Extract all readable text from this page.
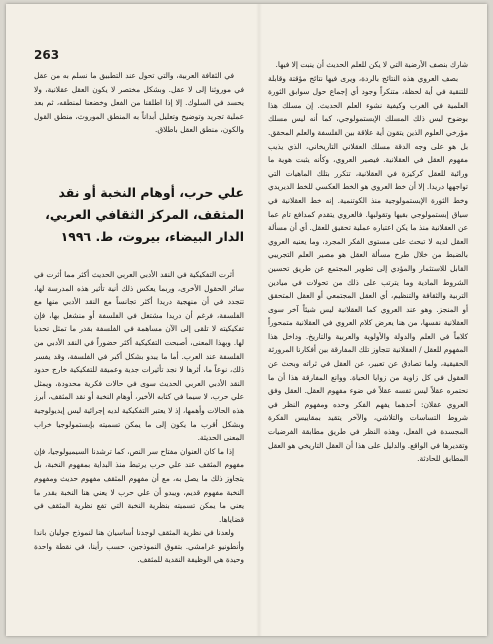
263

في الثقافة العربية، والتي تحول عند التطبيق ما نسلم به من عقل في موروثنا إلى لا عقل. وبشكل مختصر لا يكون العقل عقلانية، ولا يحسد في السلوك. إلا إذا اطلقنا من الفعل وخضعنا لمنطقه، ثم بعد عملية تجريد وتوضيح وتعليل أبداناً به المنطق الموروث، منطق القول والكون، منطق العقل باطلاق.

علي حرب، أوهام النخبة أو نقد المثقف، المركز الثقافي العربي، الدار البيضاء، بيروت، ط. ١٩٩٦

أثرت التفكيكية في النقد الأدبي العربي الحديث أكثر مما أثرت في سائر الحقول الأخرى، وربما يعكس ذلك أنية تأثير هذه المدرسة لها، تتجدد في أن منهجية دريدا أكثر تجانساً مع النقد الأدبي منها مع الفلسفة، فرغم أن دريدا مشتغل في الفلسفة أو منشغل بها، فإن تفكيكيته لا تلقى إلى الآن مساهمة في الفلسفة بقدر ما تمثل تحديا لها. وبهذا المعنى، أصبحت التفكيكية أكثر حضوراً في النقد الأدبي من الفلسفة عند العرب. أما ما يبدو بشكل أكبر في الفلسفة، وقد يفسر ذلك، نوعاً ما، أثرها لا نجد تأثيرات جدية وعميقة للتفكيكية خارج حدود النقد الأدبي العربي الحديث سوى في حالات فكرية محدودة، ويمثل علي حرب، لا سيما في كتابه الأخير، أوهام النخبة أو نقد المثقف، أبرز هذه الحالات وأهمها، إذ لا يعتبر التفكيكية لديه إجرائية ليس إيديولوجية وبشكل أقرب ما يكون إلى ما يمكن تسميته بإبستمولوجيا خراب المعنى الحديثة.

إذا ما كان العنوان مفتاح سر النص، كما ترشدنا السيميولوجيا، فإن مفهوم المثقف عند علي حرب يرتبط منذ البداية بمفهوم النخبة، بل يتجاوز ذلك ما يصل به، مع أن مفهوم المثقف مفهوم حديث ومفهوم النخبة مفهوم قديم، ويبدو أن علي حرب لا يعني هنا النخبة بقدر ما يعني ما يمكن تسميته بنظرية النخبة التي تفع نظرية المثقف في قضاياها.

ولعدنا في نظرية المثقف لوجدنا أساسيان هنا لنموذج جوليان باندا وأنطونيو غرامشي. بتفوق النموذجين، حسب رأينا، في نقطة واحدة وحيدة هي الوظيفة النقدية للمثقف.

شارك بنصف الأرضية التي لا يكن للعلم الحديث أن ينبت إلا فيها.

بصف العروي هذه النتائج بالردة، ويرى فيها نتائج مؤقتة وقابلة للتنقية في أية لحظة، متنكراً وجود أي إجماع حول سوابق الثورة العلمية في الغرب وكيفية نشوء العلم الحديث. إن مسلك هذا بوضوح ليس ذلك المسلك الإبستمولوجي، كما أنه ليس مسلك مؤرخي العلوم الذين يتقون أية علاقة بين الفلسفة والعلم المحقق. بل هو على وجه الدقة مسلك العقلاني التاريخاني، الذي يذيب مفهوم العقل في العقلانية. فيصير العروي، وكأنه يثبت هوية ما ورائية للعقل كركيزة في العقلانية، تتكرر بتلك الماهيات التي تواجهها دريدا. إلا أن خط العروي هو الخط العكسي للخط الديريدي وخط الثورة الإبستمولوجية منذ الكوتنمية. إنه خط العقلانية في سياق إبستمولوجي بقيها وتقولبها. فالعروي يتقدم كمدافع تام عما عن العقلانية منذ ما يكن اعتباره عملية تحقيق للعقل. أي أن مسألة العقل لديه لا تبحث على مستوى الفكر المجرد، وما يعنيه العروي بالضبط من خلال طرح مسألة العقل هو مصير العلم التجريبي القابل للاستثمار والمؤدي إلى تطوير المجتمع عن طريق تحسين الشروط المادية وما يترتب على ذلك من تحولات في ميادين التربية والثقافة والتنظيم، أي العقل المجتمعي أو العقل المتحقق أو المنجز. وهو عند العروي كما العقلانية ليس شيئاً آخر سوى العقلانية نفسها، من هنا يعرض كلام العروي في العقلانية متمحوراً كلاماً في العلم والدولة والأولوية والعربية والتاريخ. وداخل هذا المفهوم للعقل / العقلانية تتجاوز تلك المفارقة بين أفكارنا المرورثة الحقيقية، ولما تصادق عن تعبير، عن العقل في ثراته وبحث عن العقول في كل زاوية من زوايا الحياة. ووانع المفارقة هذا أن ما نحتمره عقلاً ليس تفسه عقلاً في ضوء مفهوم العقل. العقل وفق العروي عقلان: أحدهما يفهم الفكر وحده ومفهوم النظر في شروط التساسات والتلاشي، والآخر يتقيد بمقاييس الفكرة المجسدة في الفعل، وهذه النظر في طريق مطابقة الفرضيات وتقديرها في الواقع. والدليل على هذا أن العقل التاريخي هو العقل المطابق للحادثة.
